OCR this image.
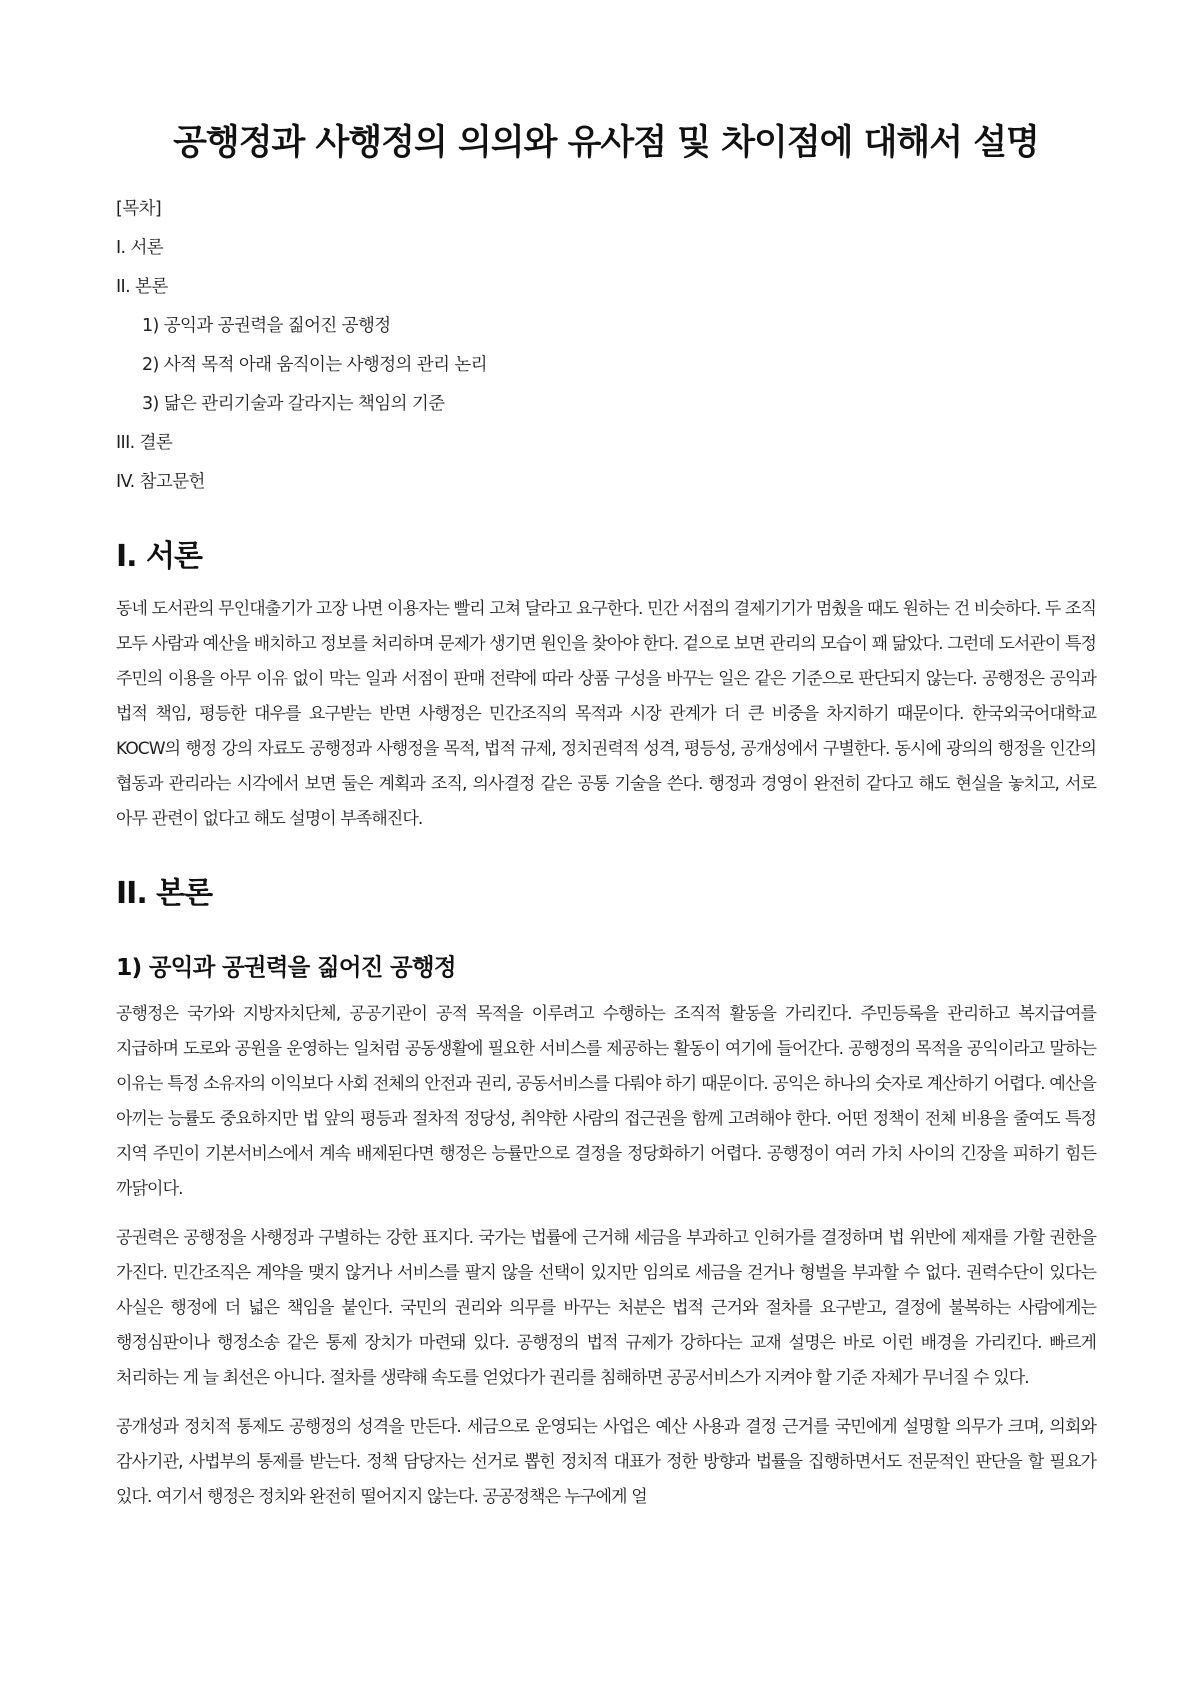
공행정과 사행정의 의의와 유사점 및 차이점에 대해서 설명
[목차]
I. 서론
II. 본론
1) 공익과 공권력을 짊어진 공행정
2) 사적 목적 아래 움직이는 사행정의 관리 논리
3) 닮은 관리기술과 갈라지는 책임의 기준
III. 결론
IV. 참고문헌
I. 서론

동네 도서관의 무인대출기가 고장 나면 이용자는 빨리 고쳐 달라고 요구한다. 민간 서점의 결제기기가 멈췄을 때도 원하는 건 비슷하다. 두 조직 모두 사람과 예산을 배치하고 정보를 처리하며 문제가 생기면 원인을 찾아야 한다. 겉으로 보면 관리의 모습이 꽤 닮았다. 그런데 도서관이 특정 주민의 이용을 아무 이유 없이 막는 일과 서점이 판매 전략에 따라 상품 구성을 바꾸는 일은 같은 기준으로 판단되지 않는다. 공행정은 공익과 법적 책임, 평등한 대우를 요구받는 반면 사행정은 민간조직의 목적과 시장 관계가 더 큰 비중을 차지하기 때문이다. 한국외국어대학교 KOCW의 행정 강의 자료도 공행정과 사행정을 목적, 법적 규제, 정치권력적 성격, 평등성, 공개성에서 구별한다. 동시에 광의의 행정을 인간의 협동과 관리라는 시각에서 보면 둘은 계획과 조직, 의사결정 같은 공통 기술을 쓴다. 행정과 경영이 완전히 같다고 해도 현실을 놓치고, 서로 아무 관련이 없다고 해도 설명이 부족해진다.

II. 본론
1) 공익과 공권력을 짊어진 공행정

공행정은 국가와 지방자치단체, 공공기관이 공적 목적을 이루려고 수행하는 조직적 활동을 가리킨다. 주민등록을 관리하고 복지급여를 지급하며 도로와 공원을 운영하는 일처럼 공동생활에 필요한 서비스를 제공하는 활동이 여기에 들어간다. 공행정의 목적을 공익이라고 말하는 이유는 특정 소유자의 이익보다 사회 전체의 안전과 권리, 공동서비스를 다뤄야 하기 때문이다. 공익은 하나의 숫자로 계산하기 어렵다. 예산을 아끼는 능률도 중요하지만 법 앞의 평등과 절차적 정당성, 취약한 사람의 접근권을 함께 고려해야 한다. 어떤 정책이 전체 비용을 줄여도 특정 지역 주민이 기본서비스에서 계속 배제된다면 행정은 능률만으로 결정을 정당화하기 어렵다. 공행정이 여러 가치 사이의 긴장을 피하기 힘든 까닭이다.

공권력은 공행정을 사행정과 구별하는 강한 표지다. 국가는 법률에 근거해 세금을 부과하고 인허가를 결정하며 법 위반에 제재를 가할 권한을 가진다. 민간조직은 계약을 맺지 않거나 서비스를 팔지 않을 선택이 있지만 임의로 세금을 걷거나 형벌을 부과할 수 없다. 권력수단이 있다는 사실은 행정에 더 넓은 책임을 붙인다. 국민의 권리와 의무를 바꾸는 처분은 법적 근거와 절차를 요구받고, 결정에 불복하는 사람에게는 행정심판이나 행정소송 같은 통제 장치가 마련돼 있다. 공행정의 법적 규제가 강하다는 교재 설명은 바로 이런 배경을 가리킨다. 빠르게 처리하는 게 늘 최선은 아니다. 절차를 생략해 속도를 얻었다가 권리를 침해하면 공공서비스가 지켜야 할 기준 자체가 무너질 수 있다.

공개성과 정치적 통제도 공행정의 성격을 만든다. 세금으로 운영되는 사업은 예산 사용과 결정 근거를 국민에게 설명할 의무가 크며, 의회와 감사기관, 사법부의 통제를 받는다. 정책 담당자는 선거로 뽑힌 정치적 대표가 정한 방향과 법률을 집행하면서도 전문적인 판단을 할 필요가 있다. 여기서 행정은 정치와 완전히 떨어지지 않는다. 공공정책은 누구에게 얼
